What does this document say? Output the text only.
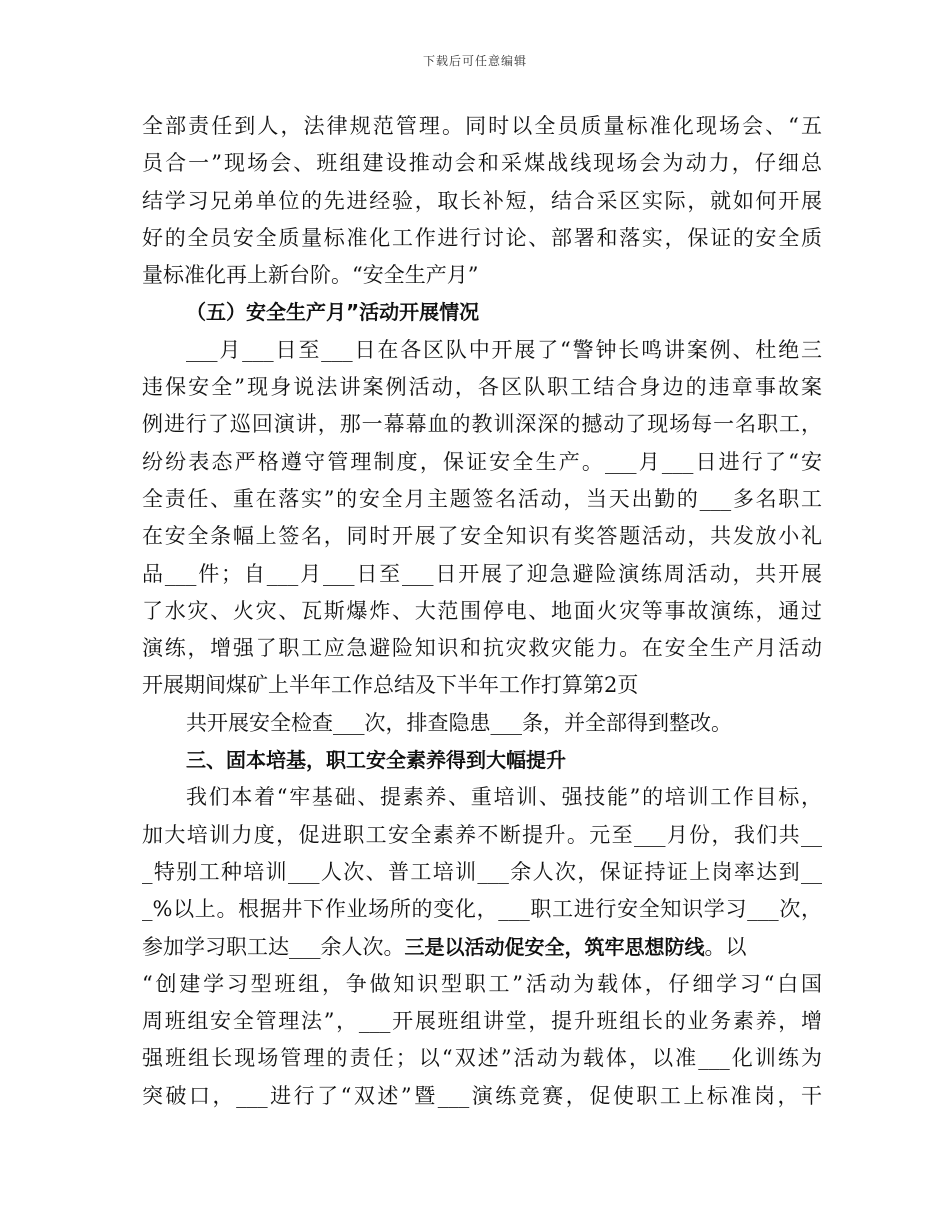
下载后可任意编辑
全部责任到人，法律规范管理。同时以全员质量标准化现场会、“五
员合一”现场会、班组建设推动会和采煤战线现场会为动力，仔细总
结学习兄弟单位的先进经验，取长补短，结合采区实际，就如何开展
好的全员安全质量标准化工作进行讨论、部署和落实，保证的安全质
量标准化再上新台阶。“安全生产月”
（五）安全生产月”活动开展情况
___月___日至___日在各区队中开展了“警钟长鸣讲案例、杜绝三
违保安全”现身说法讲案例活动，各区队职工结合身边的违章事故案
例进行了巡回演讲，那一幕幕血的教训深深的撼动了现场每一名职工，
纷纷表态严格遵守管理制度，保证安全生产。___月___日进行了“安
全责任、重在落实”的安全月主题签名活动，当天出勤的___多名职工
在安全条幅上签名，同时开展了安全知识有奖答题活动，共发放小礼
品___件；自___月___日至___日开展了迎急避险演练周活动，共开展
了水灾、火灾、瓦斯爆炸、大范围停电、地面火灾等事故演练，通过
演练，增强了职工应急避险知识和抗灾救灾能力。在安全生产月活动
开展期间煤矿上半年工作总结及下半年工作打算第2页
共开展安全检查___次，排查隐患___条，并全部得到整改。
三、固本培基，职工安全素养得到大幅提升
我们本着“牢基础、提素养、重培训、强技能”的培训工作目标，
加大培训力度，促进职工安全素养不断提升。元至___月份，我们共__
_特别工种培训___人次、普工培训___余人次，保证持证上岗率达到__
_%以上。根据井下作业场所的变化，___职工进行安全知识学习___次，
参加学习职工达___余人次。三是以活动促安全，筑牢思想防线。以
“创建学习型班组，争做知识型职工”活动为载体，仔细学习“白国
周班组安全管理法”，___开展班组讲堂，提升班组长的业务素养，增
强班组长现场管理的责任；以“双述”活动为载体，以准___化训练为
突破口，___进行了“双述”暨___演练竞赛，促使职工上标准岗，干
